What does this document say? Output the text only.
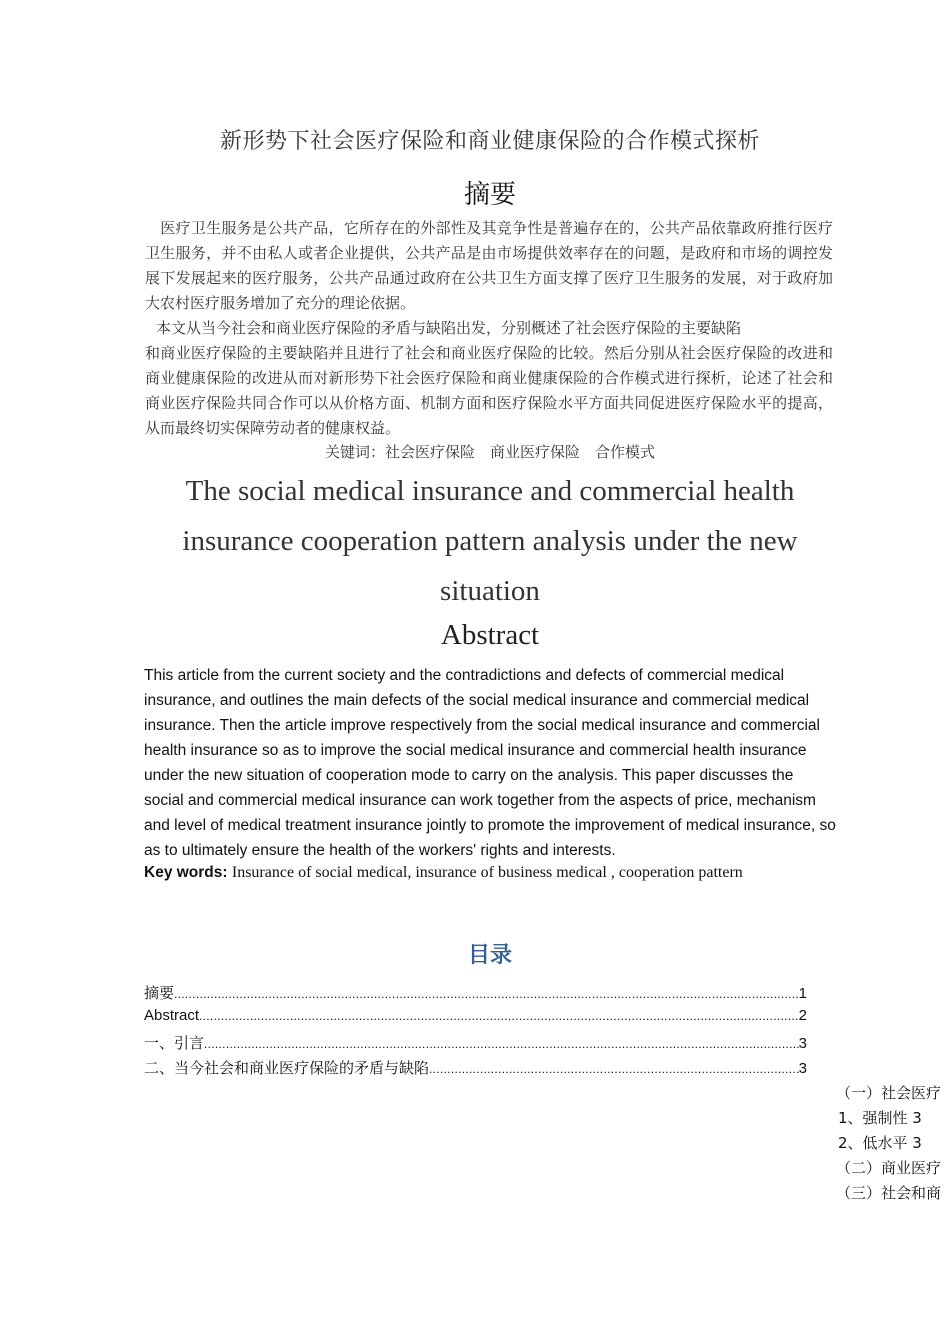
新形势下社会医疗保险和商业健康保险的合作模式探析
摘要
医疗卫生服务是公共产品，它所存在的外部性及其竞争性是普遍存在的，公共产品依靠政府推行医疗卫生服务，并不由私人或者企业提供，公共产品是由市场提供效率存在的问题，是政府和市场的调控发展下发展起来的医疗服务，公共产品通过政府在公共卫生方面支撑了医疗卫生服务的发展，对于政府加大农村医疗服务增加了充分的理论依据。
本文从当今社会和商业医疗保险的矛盾与缺陷出发，分别概述了社会医疗保险的主要缺陷
和商业医疗保险的主要缺陷并且进行了社会和商业医疗保险的比较。然后分别从社会医疗保险的改进和商业健康保险的改进从而对新形势下社会医疗保险和商业健康保险的合作模式进行探析，论述了社会和商业医疗保险共同合作可以从价格方面、机制方面和医疗保险水平方面共同促进医疗保险水平的提高，从而最终切实保障劳动者的健康权益。
关键词：社会医疗保险　商业医疗保险　合作模式
The social medical insurance and commercial health insurance cooperation pattern analysis under the new situation
Abstract
This article from the current society and the contradictions and defects of commercial medical insurance, and outlines the main defects of the social medical insurance and commercial medical insurance. Then the article improve respectively from the social medical insurance and commercial health insurance so as to improve the social medical insurance and commercial health insurance under the new situation of cooperation mode to carry on the analysis. This paper discusses the social and commercial medical insurance can work together from the aspects of price, mechanism and level of medical treatment insurance jointly to promote the improvement of medical insurance, so as to ultimately ensure the health of the workers' rights and interests.
Key words: Insurance of social medical, insurance of business medical , cooperation pattern
目录
摘要 .....	1
Abstract .....	2
一、引言 .....	3
二、当今社会和商业医疗保险的矛盾与缺陷 .....	3
（一）社会医疗
1、强制性 3
2、低水平 3
（二）商业医疗
（三）社会和商
